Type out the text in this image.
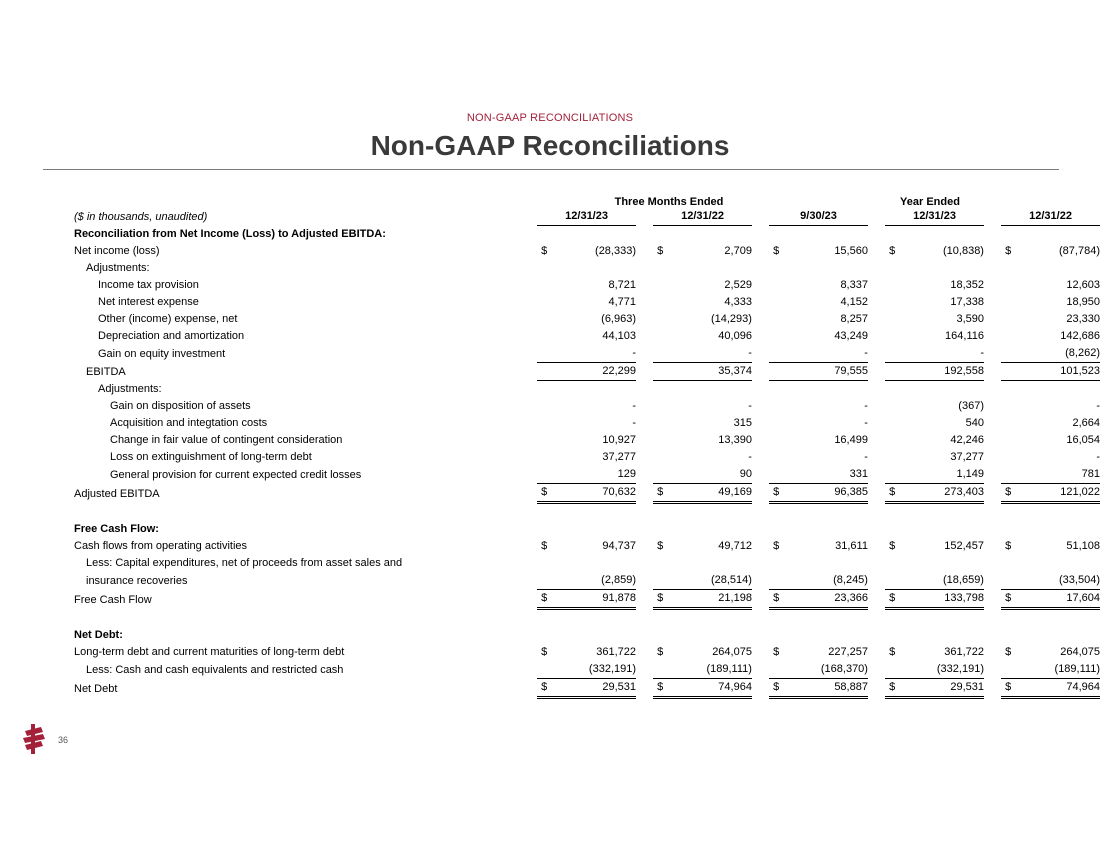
NON-GAAP RECONCILIATIONS
Non-GAAP Reconciliations
Three Months Ended	Year Ended
($ in thousands, unaudited)	12/31/23			12/31/22			9/30/23			12/31/23			12/31/22	
Reconciliation from Net Income (Loss) to Adjusted EBITDA:														
Net income (loss)	$	(28,333)		$	2,709		$	15,560		$	(10,838)		$	(87,784)
Adjustments:														
Income tax provision		8,721			2,529			8,337			18,352			12,603
Net interest expense		4,771			4,333			4,152			17,338			18,950
Other (income) expense, net		(6,963)			(14,293)			8,257			3,590			23,330
Depreciation and amortization		44,103			40,096			43,249			164,116			142,686
Gain on equity investment		-			-			-			-			(8,262)
EBITDA		22,299			35,374			79,555			192,558			101,523
Adjustments:														
Gain on disposition of assets		-			-			-			(367)			-
Acquisition and integtation costs		-			315			-			540			2,664
Change in fair value of contingent consideration		10,927			13,390			16,499			42,246			16,054
Loss on extinguishment of long-term debt		37,277			-			-			37,277			-
General provision for current expected credit losses		129			90			331			1,149			781
Adjusted EBITDA	$	70,632		$	49,169		$	96,385		$	273,403		$	121,022

Free Cash Flow:														
Cash flows from operating activities	$	94,737		$	49,712		$	31,611		$	152,457		$	51,108
Less: Capital expenditures, net of proceeds from asset sales and														
insurance recoveries		(2,859)			(28,514)			(8,245)			(18,659)			(33,504)
Free Cash Flow	$	91,878		$	21,198		$	23,366		$	133,798		$	17,604

Net Debt:														
Long-term debt and current maturities of long-term debt	$	361,722		$	264,075		$	227,257		$	361,722		$	264,075
Less: Cash and cash equivalents and restricted cash		(332,191)			(189,111)			(168,370)			(332,191)			(189,111)
Net Debt	$	29,531		$	74,964		$	58,887		$	29,531		$	74,964
36
